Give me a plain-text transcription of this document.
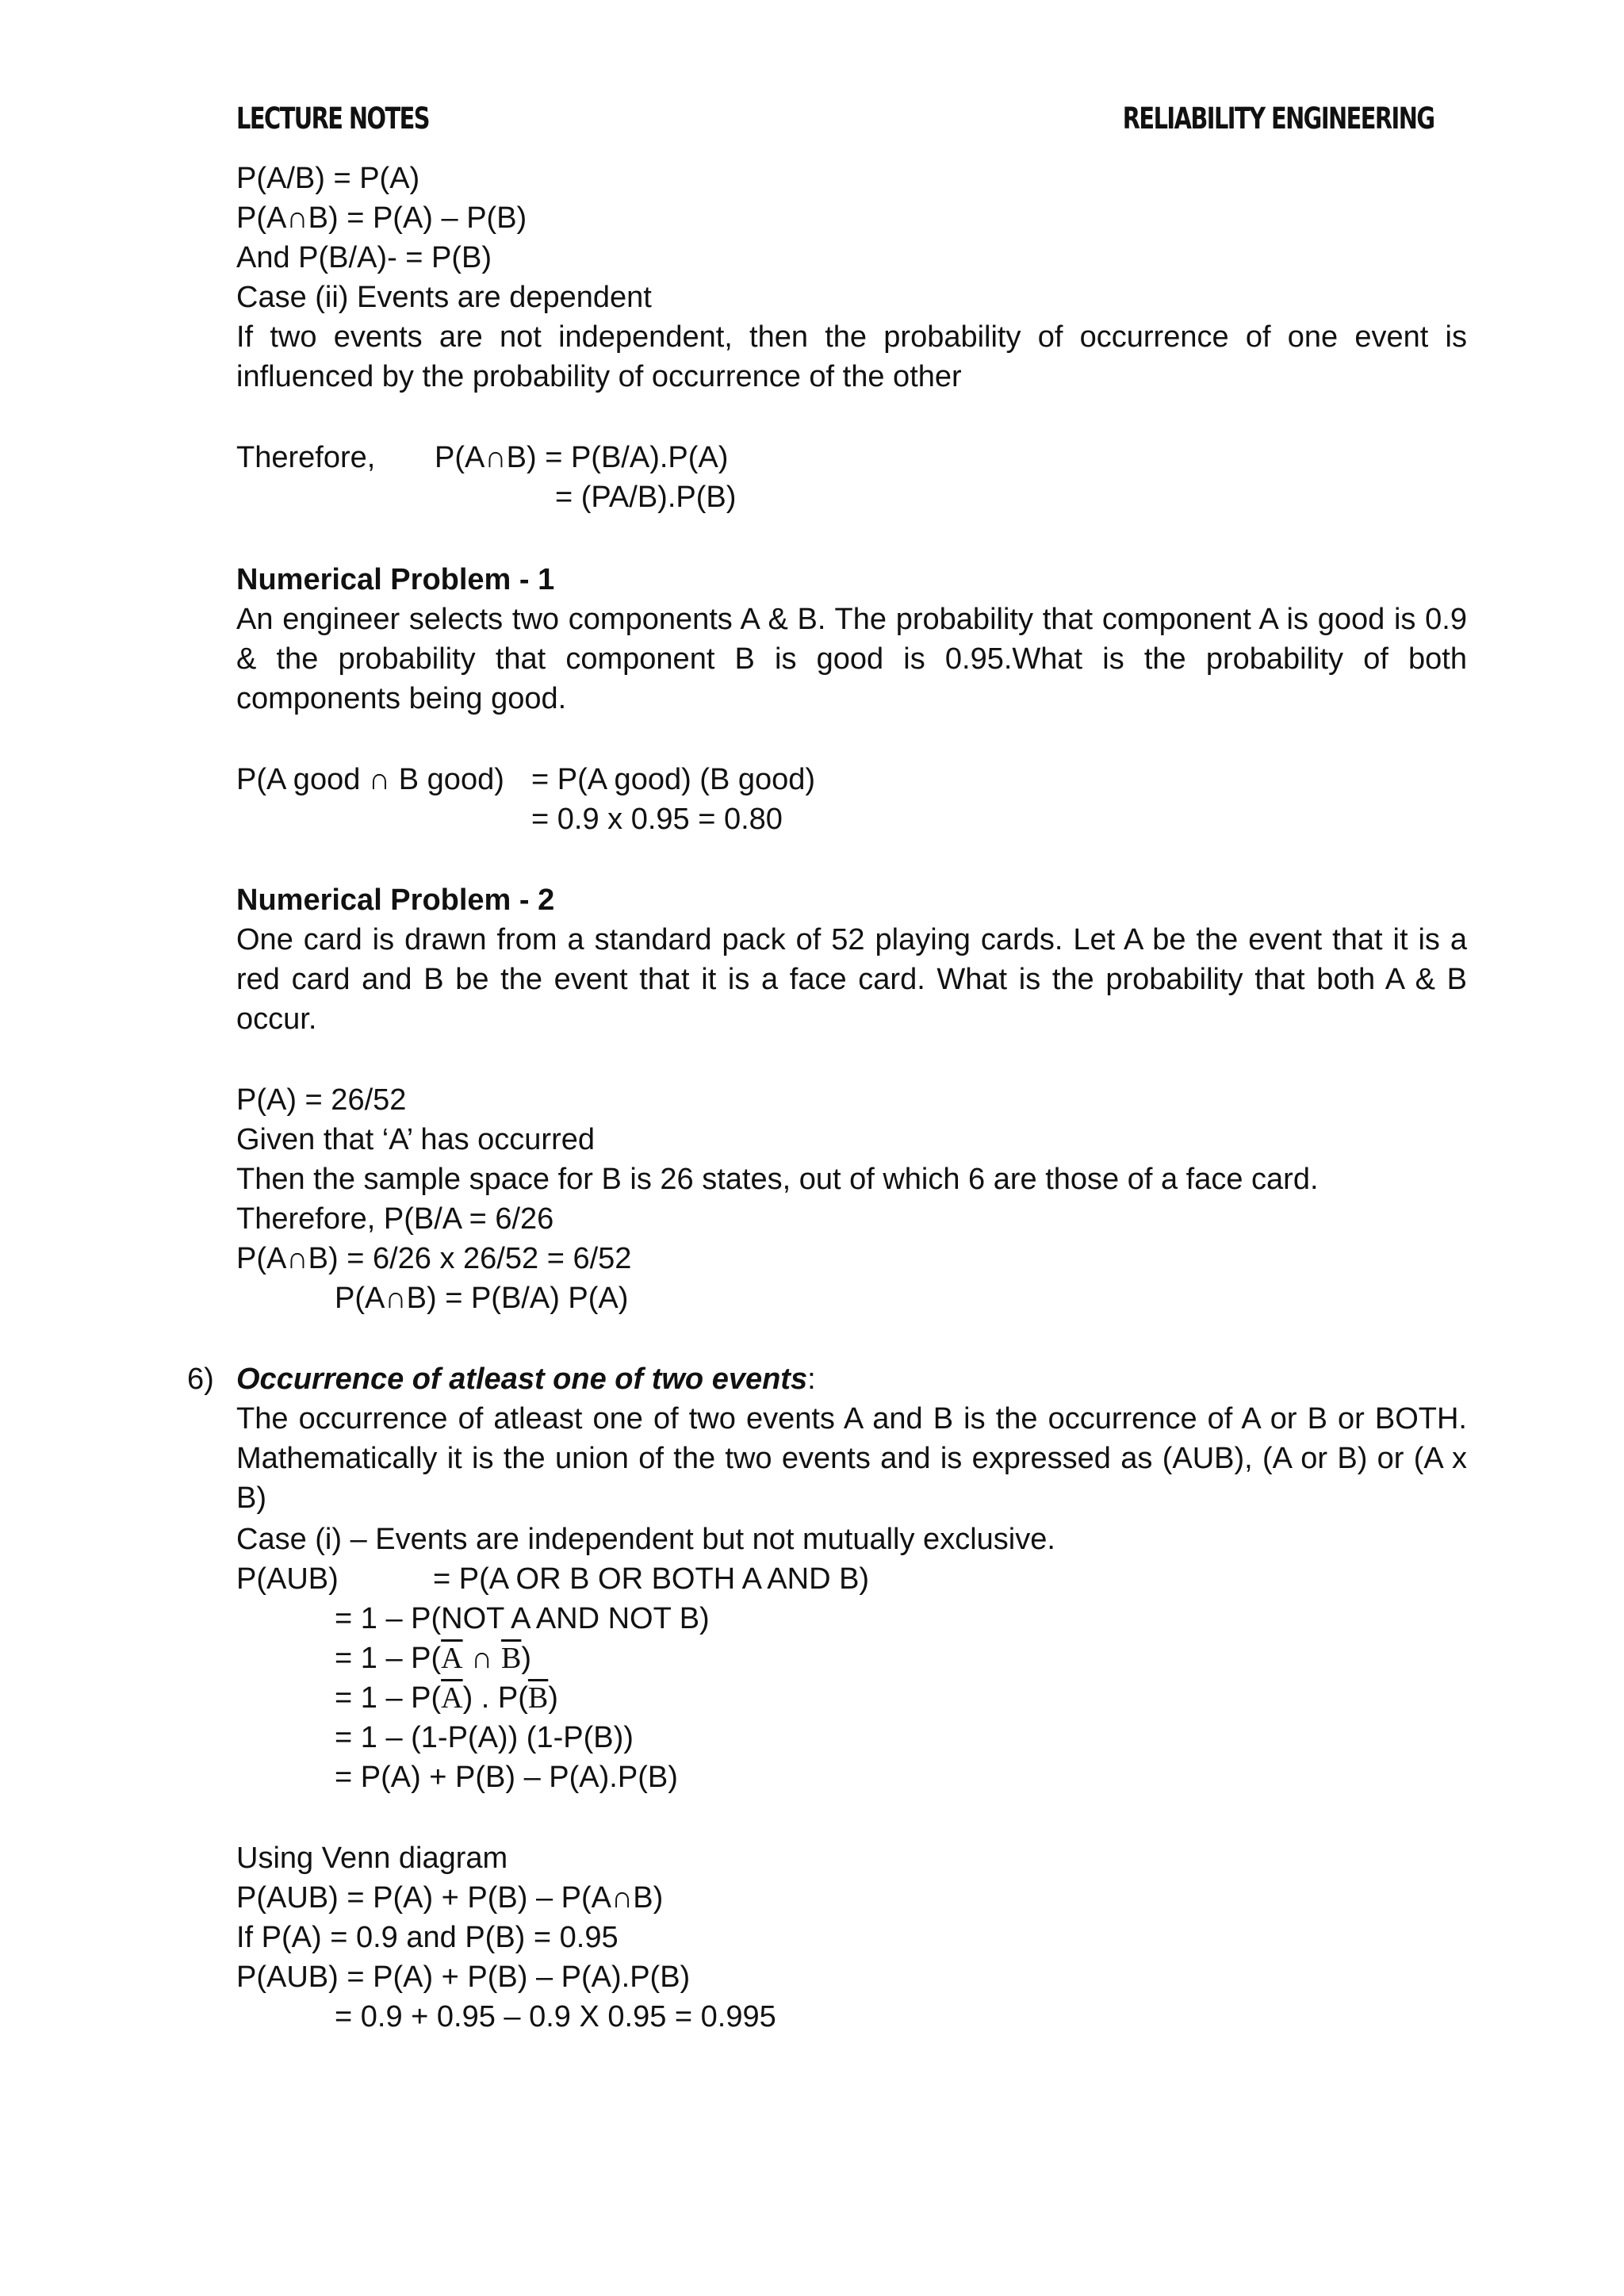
LECTURE NOTES	RELIABILITY ENGINEERING
P(A/B) = P(A)
P(A∩B) = P(A) – P(B)
And P(B/A)- = P(B)
Case (ii) Events are dependent
If two events are not independent, then the probability of occurrence of one event is influenced by the probability of occurrence of the other
Therefore, P(A∩B) = P(B/A).P(A)
= (PA/B).P(B)
Numerical Problem - 1
An engineer selects two components A & B. The probability that component A is good is 0.9 & the probability that component B is good is 0.95.What is the probability of both components being good.
P(A good ∩ B good) = P(A good) (B good)
= 0.9 x 0.95 = 0.80
Numerical Problem - 2
One card is drawn from a standard pack of 52 playing cards. Let A be the event that it is a red card and B be the event that it is a face card. What is the probability that both A & B occur.
P(A) = 26/52
Given that ‘A’ has occurred
Then the sample space for B is 26 states, out of which 6 are those of a face card.
Therefore, P(B/A = 6/26
P(A∩B) = 6/26 x 26/52 = 6/52
P(A∩B) = P(B/A) P(A)
6) Occurrence of atleast one of two events:
The occurrence of atleast one of two events A and B is the occurrence of A or B or BOTH. Mathematically it is the union of the two events and is expressed as (AUB), (A or B) or (A x B)
Case (i) – Events are independent but not mutually exclusive.
P(AUB)	= P(A OR B OR BOTH A AND B)
= 1 – P(NOT A AND NOT B)
= $1 - P(\overline{A}$ ∩ $\overline{B}$)
= $1 - P(\overline{A})$ . $P(\overline{B})$
= 1 – (1-P(A)) (1-P(B))
= P(A) + P(B) – P(A).P(B)
Using Venn diagram
P(AUB) = P(A) + P(B) – P(A∩B)
If P(A) = 0.9 and P(B) = 0.95
P(AUB) = P(A) + P(B) – P(A).P(B)
= 0.9 + 0.95 – 0.9 X 0.95 = 0.995
